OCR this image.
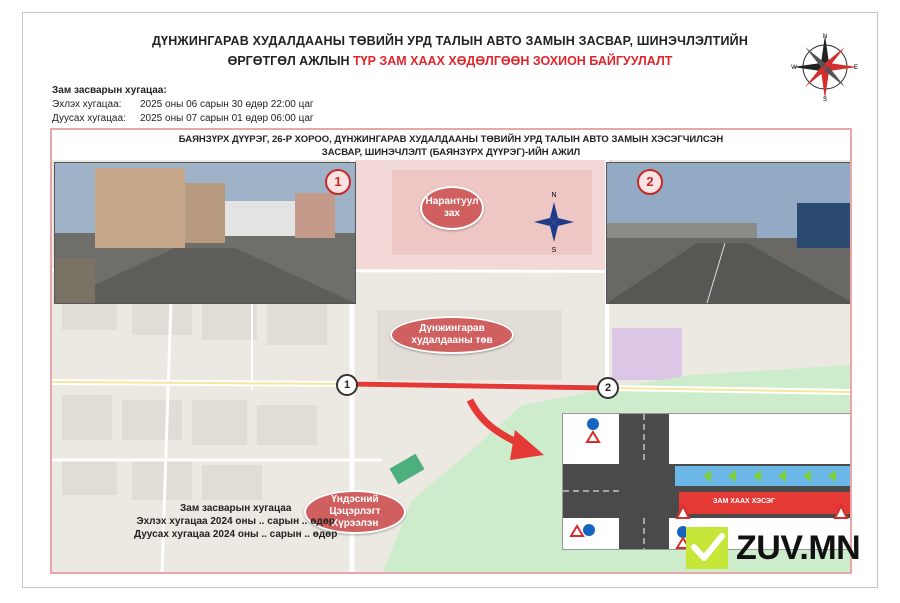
ДҮНЖИНГАРАВ ХУДАЛДААНЫ ТӨВИЙН УРД ТАЛЫН АВТО ЗАМЫН ЗАСВАР, ШИНЭЧЛЭЛТИЙН
ӨРГӨТГӨЛ АЖЛЫН ТҮР ЗАМ ХААХ ХӨДӨЛГӨӨН ЗОХИОН БАЙГУУЛАЛТ
Зам засварын хугацаа:
Эхлэх хугацаа: 2025 оны 06 сарын 30 өдөр 22:00 цаг
Дуусах хугацаа: 2025 оны 07 сарын 01 өдөр 06:00 цаг
N
S
E
W
БАЯНЗҮРХ ДҮҮРЭГ, 26-Р ХОРОО, ДҮНЖИНГАРАВ ХУДАЛДААНЫ ТӨВИЙН УРД ТАЛЫН АВТО ЗАМЫН ХЭСЭГЧИЛСЭН
ЗАСВАР, ШИНЭЧЛЭЛТ (БАЯНЗҮРХ ДҮҮРЭГ)-ИЙН АЖИЛ
N
S
1	2
Нарантуул зах
Дүнжингарав худалдааны төв
Үндэсний Цэцэрлэгт Хүрээлэн
1	2
Зам засварын хугацаа
Эхлэх хугацаа 2024 оны .. сарын .. өдөр
Дуусах хугацаа 2024 оны .. сарын .. өдөр
ЗАМ ХААХ ХЭСЭГ
ZUV.MN
